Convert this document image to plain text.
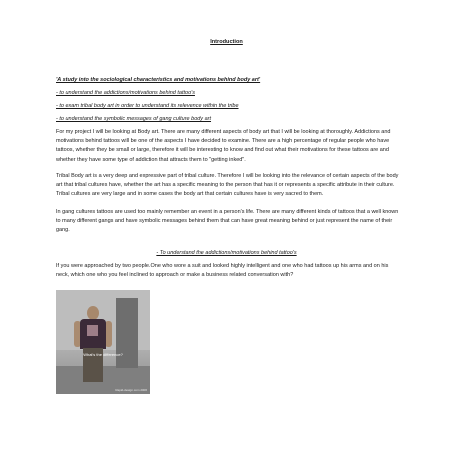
Introduction
'A study into the sociological characteristics and motivations behind body art'
- to understand the addictions/motivations behind tattoo's
- to exam tribal body art in order to understand its relevence within the tribe
- to understand the symbolic messages of gang culture body art
For my project I will be looking at Body art. There are many different aspects of body art that I will be looking at thoroughly. Addictions and motivations behind tattoos will be one of the aspects I have decided to examine. There are a high percentage of regular people who have tattoos, whether they be small or large, therefore it will be interesting to know and find out what their motivations for these tattoos are and whether they have some type of addiction that attracts them to "getting inked".
Tribal Body art is a very deep and expressive part of tribal culture. Therefore I will be looking into the relevance of certain aspects of the body art that tribal cultures have, whether the art has a specific meaning to the person that has it or represents a specific attribute in their culture. Tribal cultures are very large and in some cases the body art that certain cultures have is very sacred to them.
In gang cultures tattoos are used too mainly remember an event in a person's life. There are many different kinds of tattoos that a well known to many different gangs and have symbolic messages behind them that can have great meaning behind or just represent the name of their gang.
- To understand the addictions/motivations behind tattoo's
If you were approached by two people.One who wore a suit and looked highly intelligent and one who had tattoos up his arms and on his neck, which one who you feel inclined to approach or make a business related conversation with?
What's the difference?
Rapid-design.com 2006
